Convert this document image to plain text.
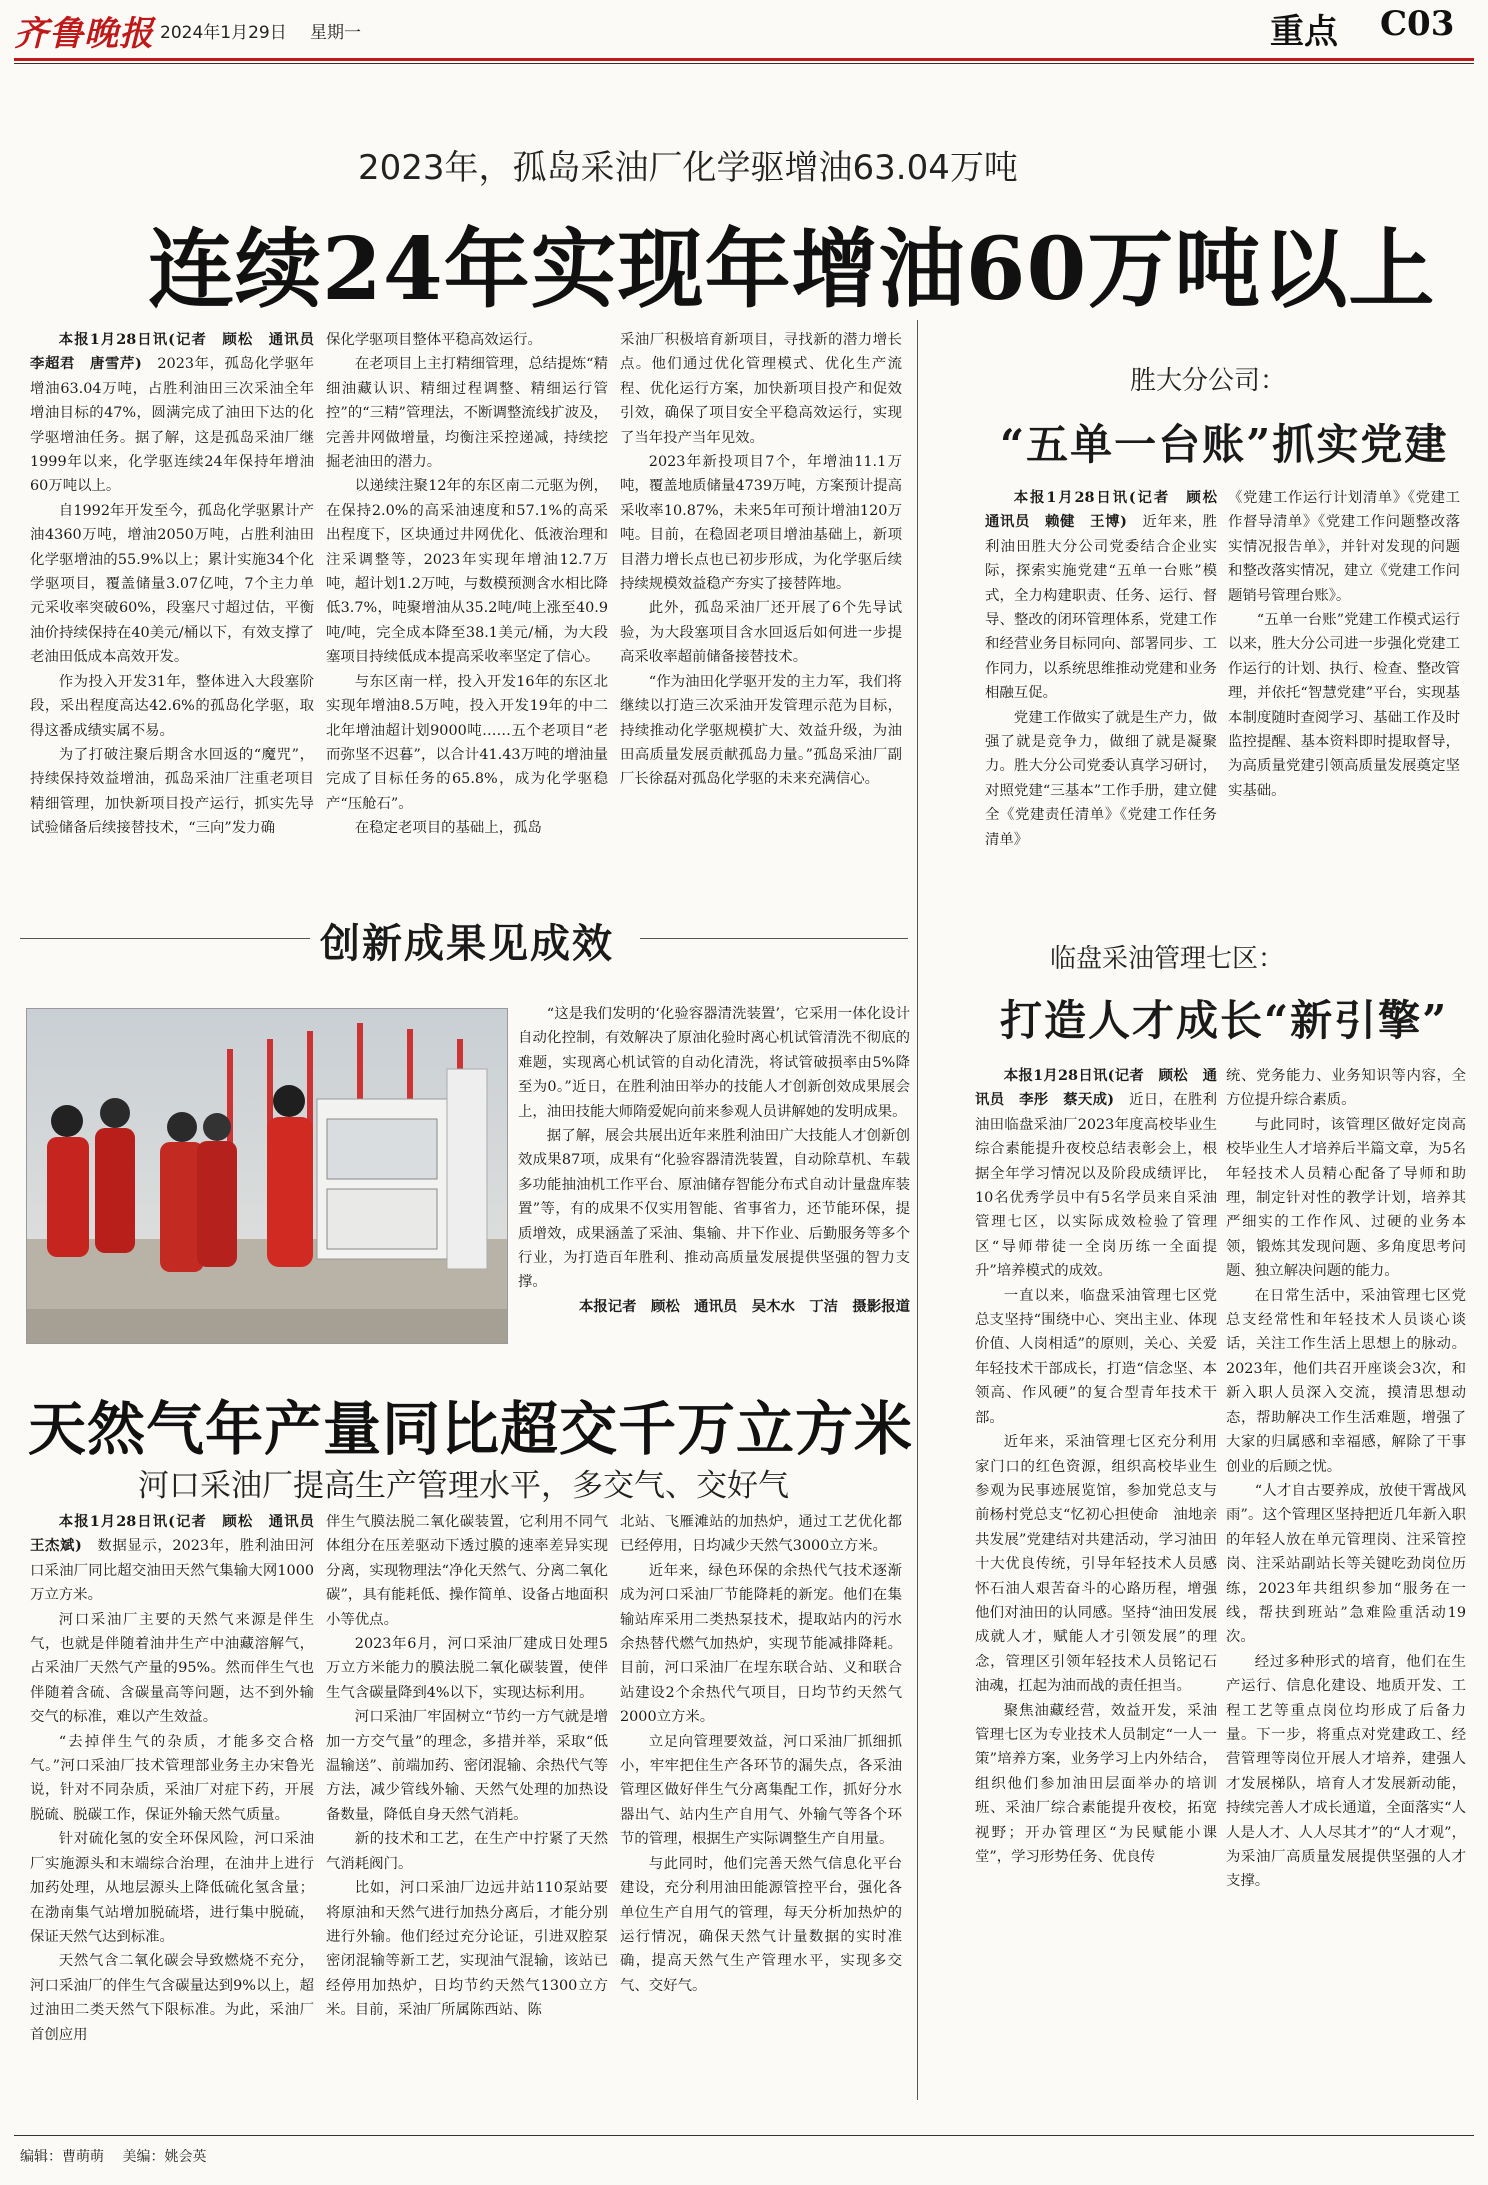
齐鲁晚报 2024年1月29日 星期一	重点 C03
2023年，孤岛采油厂化学驱增油63.04万吨
连续24年实现年增油60万吨以上

本报1月28日讯(记者　顾松　通讯员　李超君　唐雪芹)　2023年，孤岛化学驱年增油63.04万吨，占胜利油田三次采油全年增油目标的47%，圆满完成了油田下达的化学驱增油任务。据了解，这是孤岛采油厂继1999年以来，化学驱连续24年保持年增油60万吨以上。

自1992年开发至今，孤岛化学驱累计产油4360万吨，增油2050万吨，占胜利油田化学驱增油的55.9%以上；累计实施34个化学驱项目，覆盖储量3.07亿吨，7个主力单元采收率突破60%，段塞尺寸超过估，平衡油价持续保持在40美元/桶以下，有效支撑了老油田低成本高效开发。

作为投入开发31年，整体进入大段塞阶段，采出程度高达42.6%的孤岛化学驱，取得这番成绩实属不易。

为了打破注聚后期含水回返的“魔咒”，持续保持效益增油，孤岛采油厂注重老项目精细管理，加快新项目投产运行，抓实先导试验储备后续接替技术，“三向”发力确

保化学驱项目整体平稳高效运行。

在老项目上主打精细管理，总结提炼“精细油藏认识、精细过程调整、精细运行管控”的“三精”管理法，不断调整流线扩波及，完善井网做增量，均衡注采控递减，持续挖掘老油田的潜力。

以递续注聚12年的东区南二元驱为例，在保持2.0%的高采油速度和57.1%的高采出程度下，区块通过井网优化、低液治理和注采调整等，2023年实现年增油12.7万吨，超计划1.2万吨，与数模预测含水相比降低3.7%，吨聚增油从35.2吨/吨上涨至40.9吨/吨，完全成本降至38.1美元/桶，为大段塞项目持续低成本提高采收率坚定了信心。

与东区南一样，投入开发16年的东区北实现年增油8.5万吨，投入开发19年的中二北年增油超计划9000吨……五个老项目“老而弥坚不迟暮”，以合计41.43万吨的增油量完成了目标任务的65.8%，成为化学驱稳产“压舱石”。

在稳定老项目的基础上，孤岛

采油厂积极培育新项目，寻找新的潜力增长点。他们通过优化管理模式、优化生产流程、优化运行方案，加快新项目投产和促效引效，确保了项目安全平稳高效运行，实现了当年投产当年见效。

2023年新投项目7个，年增油11.1万吨，覆盖地质储量4739万吨，方案预计提高采收率10.87%，未来5年可预计增油120万吨。目前，在稳固老项目增油基础上，新项目潜力增长点也已初步形成，为化学驱后续持续规模效益稳产夯实了接替阵地。

此外，孤岛采油厂还开展了6个先导试验，为大段塞项目含水回返后如何进一步提高采收率超前储备接替技术。

“作为油田化学驱开发的主力军，我们将继续以打造三次采油开发管理示范为目标，持续推动化学驱规模扩大、效益升级，为油田高质量发展贡献孤岛力量。”孤岛采油厂副厂长徐磊对孤岛化学驱的未来充满信心。

胜大分公司：
“五单一台账”抓实党建

本报1月28日讯(记者　顾松　通讯员　赖健　王博)　近年来，胜利油田胜大分公司党委结合企业实际，探索实施党建“五单一台账”模式，全力构建职责、任务、运行、督导、整改的闭环管理体系，党建工作和经营业务目标同向、部署同步、工作同力，以系统思维推动党建和业务相融互促。

党建工作做实了就是生产力，做强了就是竞争力，做细了就是凝聚力。胜大分公司党委认真学习研讨，对照党建“三基本”工作手册，建立健全《党建责任清单》《党建工作任务清单》

《党建工作运行计划清单》《党建工作督导清单》《党建工作问题整改落实情况报告单》，并针对发现的问题和整改落实情况，建立《党建工作问题销号管理台账》。

“五单一台账”党建工作模式运行以来，胜大分公司进一步强化党建工作运行的计划、执行、检查、整改管理，并依托“智慧党建”平台，实现基本制度随时查阅学习、基础工作及时监控提醒、基本资料即时提取督导，为高质量党建引领高质量发展奠定坚实基础。

创新成果见成效

“这是我们发明的‘化验容器清洗装置’，它采用一体化设计自动化控制，有效解决了原油化验时离心机试管清洗不彻底的难题，实现离心机试管的自动化清洗，将试管破损率由5%降至为0。”近日，在胜利油田举办的技能人才创新创效成果展会上，油田技能大师隋爱妮向前来参观人员讲解她的发明成果。

据了解，展会共展出近年来胜利油田广大技能人才创新创效成果87项，成果有“化验容器清洗装置，自动除草机、车载多功能抽油机工作平台、原油储存智能分布式自动计量盘库装置”等，有的成果不仅实用智能、省事省力，还节能环保，提质增效，成果涵盖了采油、集输、井下作业、后勤服务等多个行业，为打造百年胜利、推动高质量发展提供坚强的智力支撑。

本报记者　顾松　通讯员　吴木水　丁洁　摄影报道

临盘采油管理七区：
打造人才成长“新引擎”

本报1月28日讯(记者　顾松　通讯员　李彤　蔡天成)　近日，在胜利油田临盘采油厂2023年度高校毕业生综合素能提升夜校总结表彰会上，根据全年学习情况以及阶段成绩评比，10名优秀学员中有5名学员来自采油管理七区，以实际成效检验了管理区“导师带徒一全岗历练一全面提升”培养模式的成效。

一直以来，临盘采油管理七区党总支坚持“围绕中心、突出主业、体现价值、人岗相适”的原则，关心、关爱年轻技术干部成长，打造“信念坚、本领高、作风硬”的复合型青年技术干部。

近年来，采油管理七区充分利用家门口的红色资源，组织高校毕业生参观为民事迹展览馆，参加党总支与前杨村党总支“忆初心担使命　油地亲共发展”党建结对共建活动，学习油田十大优良传统，引导年轻技术人员感怀石油人艰苦奋斗的心路历程，增强他们对油田的认同感。坚持“油田发展成就人才，赋能人才引领发展”的理念，管理区引领年轻技术人员铭记石油魂，扛起为油而战的责任担当。

聚焦油藏经营，效益开发，采油管理七区为专业技术人员制定“一人一策”培养方案，业务学习上内外结合，组织他们参加油田层面举办的培训班、采油厂综合素能提升夜校，拓宽视野；开办管理区“为民赋能小课堂”，学习形势任务、优良传

统、党务能力、业务知识等内容，全方位提升综合素质。

与此同时，该管理区做好定岗高校毕业生人才培养后半篇文章，为5名年轻技术人员精心配备了导师和助理，制定针对性的教学计划，培养其严细实的工作作风、过硬的业务本领，锻炼其发现问题、多角度思考问题、独立解决问题的能力。

在日常生活中，采油管理七区党总支经常性和年轻技术人员谈心谈话，关注工作生活上思想上的脉动。2023年，他们共召开座谈会3次，和新入职人员深入交流，摸清思想动态，帮助解决工作生活难题，增强了大家的归属感和幸福感，解除了干事创业的后顾之忧。

“人才自古要养成，放使干霄战风雨”。这个管理区坚持把近几年新入职的年轻人放在单元管理岗、注采管控岗、注采站副站长等关键吃劲岗位历练，2023年共组织参加“服务在一线，帮扶到班站”急难险重活动19次。

经过多种形式的培育，他们在生产运行、信息化建设、地质开发、工程工艺等重点岗位均形成了后备力量。下一步，将重点对党建政工、经营管理等岗位开展人才培养，建强人才发展梯队，培育人才发展新动能，持续完善人才成长通道，全面落实“人人是人才、人人尽其才”的“人才观”，为采油厂高质量发展提供坚强的人才支撑。

天然气年产量同比超交千万立方米
河口采油厂提高生产管理水平，多交气、交好气

本报1月28日讯(记者　顾松　通讯员　王杰斌)　数据显示，2023年，胜利油田河口采油厂同比超交油田天然气集输大网1000万立方米。

河口采油厂主要的天然气来源是伴生气，也就是伴随着油井生产中油藏溶解气，占采油厂天然气产量的95%。然而伴生气也伴随着含硫、含碳量高等问题，达不到外输交气的标准，难以产生效益。

“去掉伴生气的杂质，才能多交合格气。”河口采油厂技术管理部业务主办宋鲁光说，针对不同杂质，采油厂对症下药，开展脱硫、脱碳工作，保证外输天然气质量。

针对硫化氢的安全环保风险，河口采油厂实施源头和末端综合治理，在油井上进行加药处理，从地层源头上降低硫化氢含量；在渤南集气站增加脱硫塔，进行集中脱硫，保证天然气达到标准。

天然气含二氧化碳会导致燃烧不充分，河口采油厂的伴生气含碳量达到9%以上，超过油田二类天然气下限标准。为此，采油厂首创应用

伴生气膜法脱二氧化碳装置，它利用不同气体组分在压差驱动下透过膜的速率差异实现分离，实现物理法“净化天然气、分离二氧化碳”，具有能耗低、操作简单、设备占地面积小等优点。

2023年6月，河口采油厂建成日处理5万立方米能力的膜法脱二氧化碳装置，使伴生气含碳量降到4%以下，实现达标利用。

河口采油厂牢固树立“节约一方气就是增加一方交气量”的理念，多措并举，采取“低温输送”、前端加药、密闭混输、余热代气等方法，减少管线外输、天然气处理的加热设备数量，降低自身天然气消耗。

新的技术和工艺，在生产中拧紧了天然气消耗阀门。

比如，河口采油厂边远井站110泵站要将原油和天然气进行加热分离后，才能分别进行外输。他们经过充分论证，引进双腔泵密闭混输等新工艺，实现油气混输，该站已经停用加热炉，日均节约天然气1300立方米。目前，采油厂所属陈西站、陈

北站、飞雁滩站的加热炉，通过工艺优化都已经停用，日均减少天然气3000立方米。

近年来，绿色环保的余热代气技术逐渐成为河口采油厂节能降耗的新宠。他们在集输站库采用二类热泵技术，提取站内的污水余热替代燃气加热炉，实现节能减排降耗。目前，河口采油厂在埕东联合站、义和联合站建设2个余热代气项目，日均节约天然气2000立方米。

立足向管理要效益，河口采油厂抓细抓小，牢牢把住生产各环节的漏失点，各采油管理区做好伴生气分离集配工作，抓好分水器出气、站内生产自用气、外输气等各个环节的管理，根据生产实际调整生产自用量。

与此同时，他们完善天然气信息化平台建设，充分利用油田能源管控平台，强化各单位生产自用气的管理，每天分析加热炉的运行情况，确保天然气计量数据的实时准确，提高天然气生产管理水平，实现多交气、交好气。

编辑：曹萌萌 美编：姚会英
